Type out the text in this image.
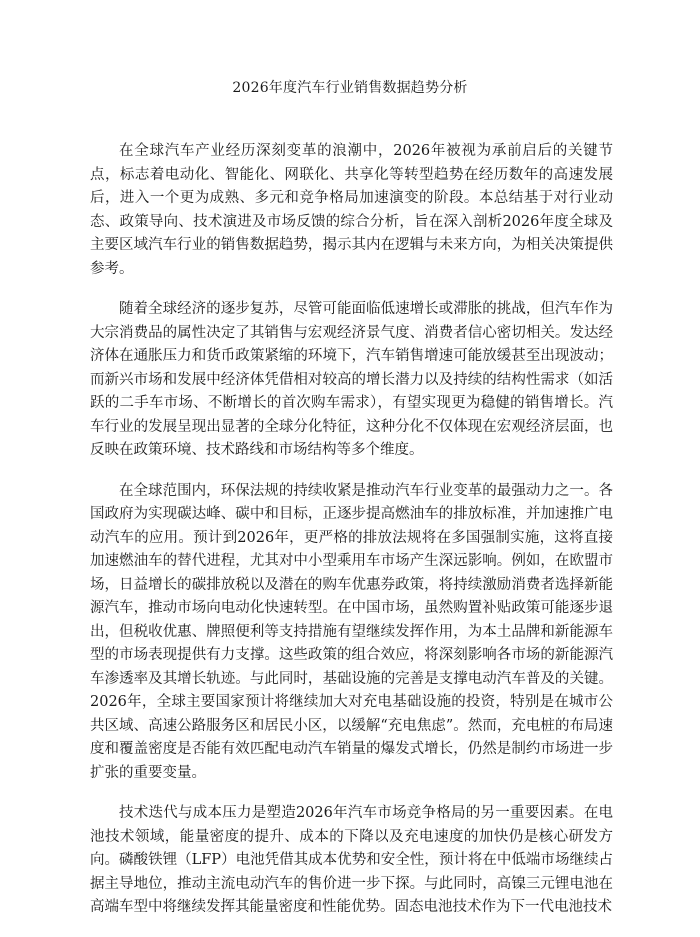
2026年度汽车行业销售数据趋势分析

在全球汽车产业经历深刻变革的浪潮中，2026年被视为承前启后的关键节点，标志着电动化、智能化、网联化、共享化等转型趋势在经历数年的高速发展后，进入一个更为成熟、多元和竞争格局加速演变的阶段。本总结基于对行业动态、政策导向、技术演进及市场反馈的综合分析，旨在深入剖析2026年度全球及主要区域汽车行业的销售数据趋势，揭示其内在逻辑与未来方向，为相关决策提供参考。

随着全球经济的逐步复苏，尽管可能面临低速增长或滞胀的挑战，但汽车作为大宗消费品的属性决定了其销售与宏观经济景气度、消费者信心密切相关。发达经济体在通胀压力和货币政策紧缩的环境下，汽车销售增速可能放缓甚至出现波动；而新兴市场和发展中经济体凭借相对较高的增长潜力以及持续的结构性需求（如活跃的二手车市场、不断增长的首次购车需求），有望实现更为稳健的销售增长。汽车行业的发展呈现出显著的全球分化特征，这种分化不仅体现在宏观经济层面，也反映在政策环境、技术路线和市场结构等多个维度。

在全球范围内，环保法规的持续收紧是推动汽车行业变革的最强动力之一。各国政府为实现碳达峰、碳中和目标，正逐步提高燃油车的排放标准，并加速推广电动汽车的应用。预计到2026年，更严格的排放法规将在多国强制实施，这将直接加速燃油车的替代进程，尤其对中小型乘用车市场产生深远影响。例如，在欧盟市场，日益增长的碳排放税以及潜在的购车优惠券政策，将持续激励消费者选择新能源汽车，推动市场向电动化快速转型。在中国市场，虽然购置补贴政策可能逐步退出，但税收优惠、牌照便利等支持措施有望继续发挥作用，为本土品牌和新能源车型的市场表现提供有力支撑。这些政策的组合效应，将深刻影响各市场的新能源汽车渗透率及其增长轨迹。与此同时，基础设施的完善是支撑电动汽车普及的关键。2026年，全球主要国家预计将继续加大对充电基础设施的投资，特别是在城市公共区域、高速公路服务区和居民小区，以缓解“充电焦虑”。然而，充电桩的布局速度和覆盖密度是否能有效匹配电动汽车销量的爆发式增长，仍然是制约市场进一步扩张的重要变量。

技术迭代与成本压力是塑造2026年汽车市场竞争格局的另一重要因素。在电池技术领域，能量密度的提升、成本的下降以及充电速度的加快仍是核心研发方向。磷酸铁锂（LFP）电池凭借其成本优势和安全性，预计将在中低端市场继续占据主导地位，推动主流电动汽车的售价进一步下探。与此同时，高镍三元锂电池在高端车型中将继续发挥其能量密度和性能优势。固态电池技术作为下一代电池技术
